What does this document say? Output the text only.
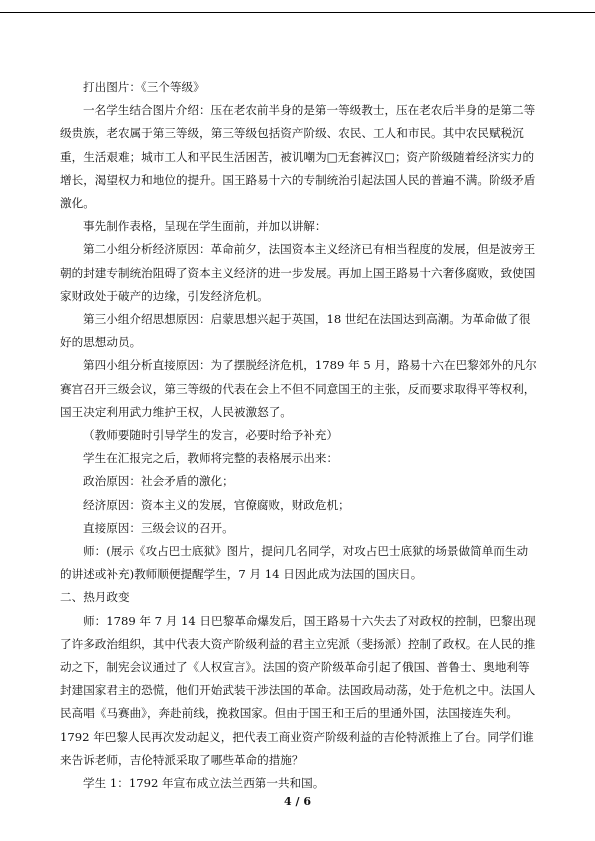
打出图片：《三个等级》

一名学生结合图片介绍：压在老农前半身的是第一等级教士，压在老农后半身的是第二等级贵族，老农属于第三等级，第三等级包括资产阶级、农民、工人和市民。其中农民赋税沉重，生活艰难；城市工人和平民生活困苦，被讥嘲为□无套裤汉□；资产阶级随着经济实力的增长，渴望权力和地位的提升。国王路易十六的专制统治引起法国人民的普遍不满。阶级矛盾激化。

事先制作表格，呈现在学生面前，并加以讲解：

第二小组分析经济原因：革命前夕，法国资本主义经济已有相当程度的发展，但是波旁王朝的封建专制统治阻碍了资本主义经济的进一步发展。再加上国王路易十六奢侈腐败，致使国家财政处于破产的边缘，引发经济危机。

第三小组介绍思想原因：启蒙思想兴起于英国，18 世纪在法国达到高潮。为革命做了很好的思想动员。

第四小组分析直接原因：为了摆脱经济危机，1789 年 5 月，路易十六在巴黎郊外的凡尔赛宫召开三级会议，第三等级的代表在会上不但不同意国王的主张，反而要求取得平等权利，国王决定利用武力维护王权，人民被激怒了。

（教师要随时引导学生的发言，必要时给予补充）

学生在汇报完之后，教师将完整的表格展示出来：

政治原因：社会矛盾的激化；

经济原因：资本主义的发展，官僚腐败，财政危机；

直接原因：三级会议的召开。

师：(展示《攻占巴士底狱》图片，提问几名同学，对攻占巴士底狱的场景做简单而生动的讲述或补充)教师顺便提醒学生，7 月 14 日因此成为法国的国庆日。

二、热月政变

师：1789 年 7 月 14 日巴黎革命爆发后，国王路易十六失去了对政权的控制，巴黎出现了许多政治组织，其中代表大资产阶级利益的君主立宪派（斐扬派）控制了政权。在人民的推动之下，制宪会议通过了《人权宣言》。法国的资产阶级革命引起了俄国、普鲁士、奥地利等封建国家君主的恐慌，他们开始武装干涉法国的革命。法国政局动荡，处于危机之中。法国人民高唱《马赛曲》，奔赴前线，挽救国家。但由于国王和王后的里通外国，法国接连失利。1792 年巴黎人民再次发动起义，把代表工商业资产阶级利益的吉伦特派推上了台。同学们谁来告诉老师，吉伦特派采取了哪些革命的措施？

学生 1：1792 年宣布成立法兰西第一共和国。

4 / 6
